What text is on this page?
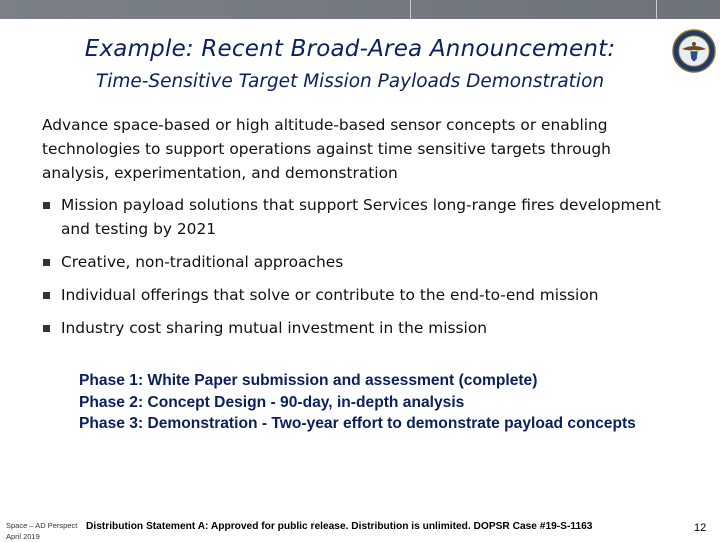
Example: Recent Broad-Area Announcement:
Time-Sensitive Target Mission Payloads Demonstration
Advance space-based or high altitude-based sensor concepts or enabling technologies to support operations against time sensitive targets through analysis, experimentation, and demonstration
Mission payload solutions that support Services long-range fires development and testing by 2021
Creative, non-traditional approaches
Individual offerings that solve or contribute to the end-to-end mission
Industry cost sharing mutual investment in the mission
Phase 1: White Paper submission and assessment (complete)
Phase 2: Concept Design - 90-day, in-depth analysis
Phase 3: Demonstration - Two-year effort to demonstrate payload concepts
Space – AD Perspect
April 2019
Distribution Statement A: Approved for public release. Distribution is unlimited. DOPSR Case #19-S-1163	12
